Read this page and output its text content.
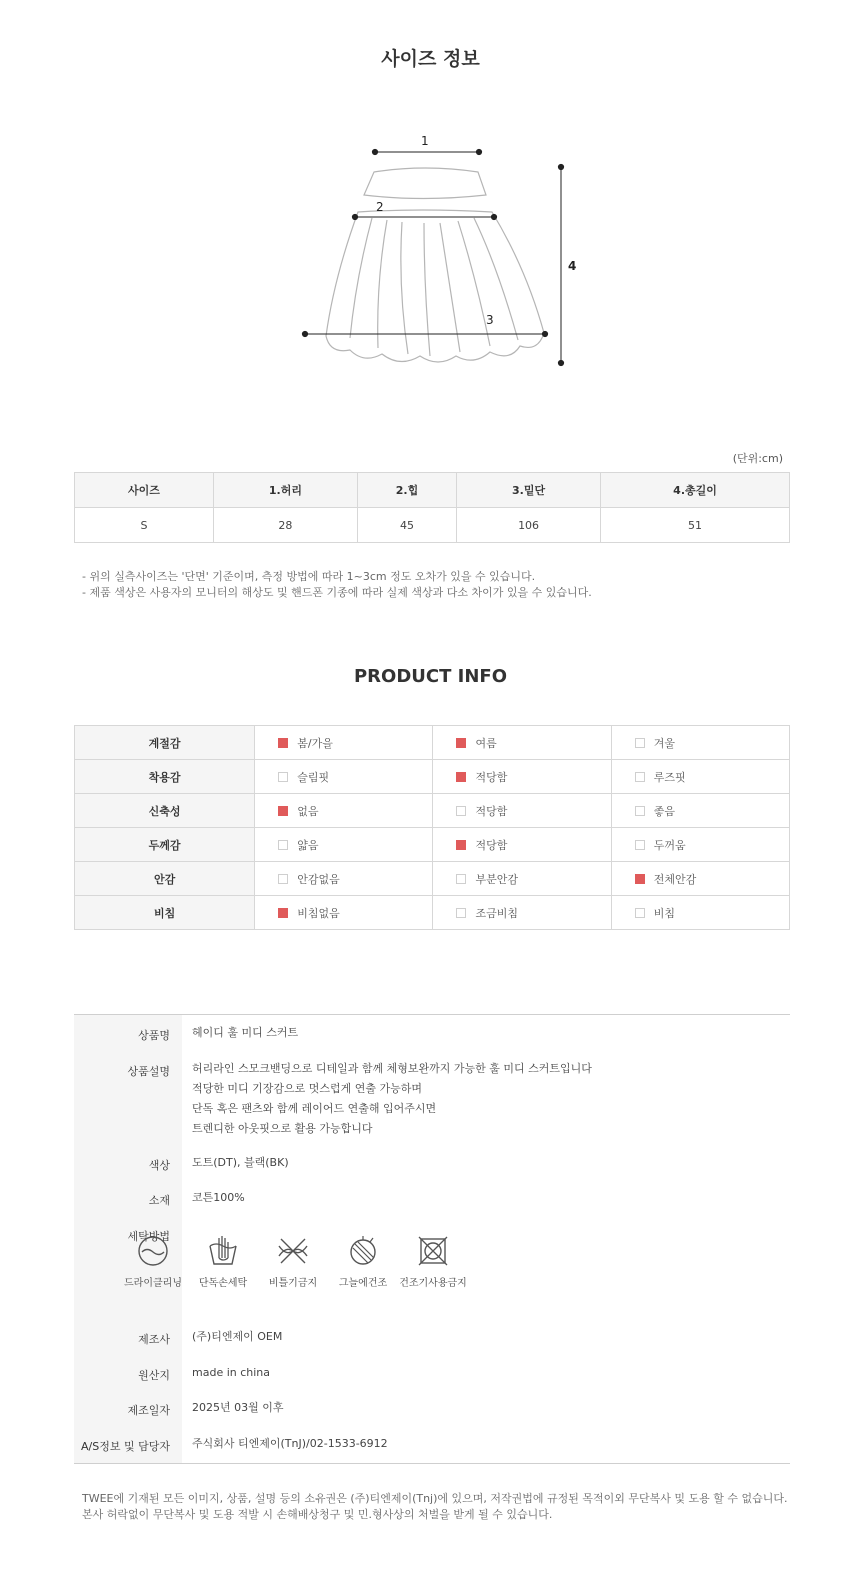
사이즈 정보
1
2
3
4
(단위:cm)
사이즈	1.허리	2.힙	3.밑단	4.총길이
S	28	45	106	51
- 위의 실측사이즈는 '단면' 기준이며, 측정 방법에 따라 1~3cm 정도 오차가 있을 수 있습니다.
- 제품 색상은 사용자의 모니터의 해상도 및 핸드폰 기종에 따라 실제 색상과 다소 차이가 있을 수 있습니다.
PRODUCT INFO
계절감	봄/가을	여름	겨울
착용감	슬림핏	적당함	루즈핏
신축성	없음	적당함	좋음
두께감	얇음	적당함	두꺼움
안감	안감없음	부분안감	전체안감
비침	비침없음	조금비침	비침
상품명 헤이디 훌 미디 스커트
상품설명 허리라인 스모크밴딩으로 디테일과 함께 체형보완까지 가능한 훌 미디 스커트입니다
적당한 미디 기장감으로 멋스럽게 연출 가능하며
단독 혹은 팬츠와 함께 레이어드 연출해 입어주시면
트렌디한 아웃핏으로 활용 가능합니다
색상 도트(DT), 블랙(BK)
소재 코튼100%
세탁방법
제조사 (주)티엔제이 OEM
원산지 made in china
제조일자 2025년 03월 이후
A/S정보 및 담당자 주식회사 티엔제이(TnJ)/02-1533-6912
드라이클리닝	단독손세탁	비틀기금지	그늘에건조	건조기사용금지
TWEE에 기재된 모든 이미지, 상품, 설명 등의 소유권은 (주)티엔제이(Tnj)에 있으며, 저작권법에 규정된 목적이외 무단복사 및 도용 할 수 없습니다.
본사 허락없이 무단복사 및 도용 적발 시 손해배상청구 및 민.형사상의 처벌을 받게 될 수 있습니다.
